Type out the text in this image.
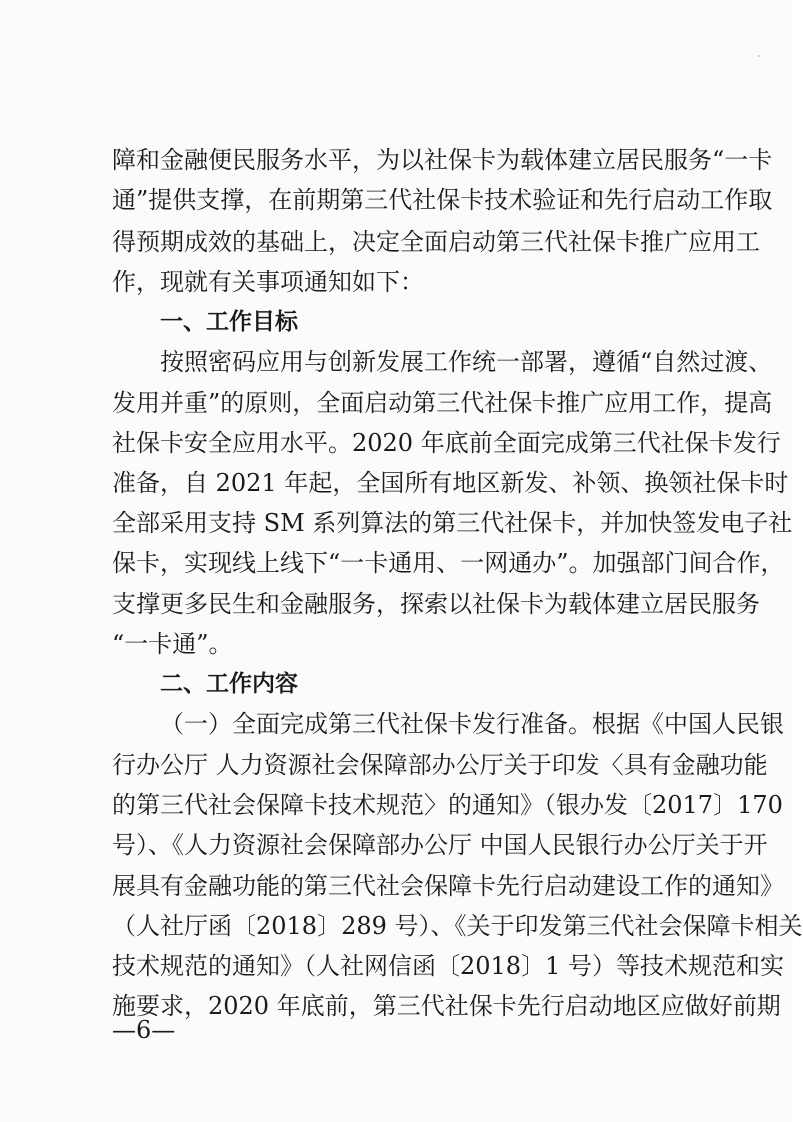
障和金融便民服务水平，为以社保卡为载体建立居民服务“一卡
通”提供支撑，在前期第三代社保卡技术验证和先行启动工作取
得预期成效的基础上，决定全面启动第三代社保卡推广应用工
作，现就有关事项通知如下：
一、工作目标
按照密码应用与创新发展工作统一部署，遵循“自然过渡、
发用并重”的原则，全面启动第三代社保卡推广应用工作，提高
社保卡安全应用水平。2020 年底前全面完成第三代社保卡发行
准备，自 2021 年起，全国所有地区新发、补领、换领社保卡时
全部采用支持 SM 系列算法的第三代社保卡，并加快签发电子社
保卡，实现线上线下“一卡通用、一网通办”。加强部门间合作，
支撑更多民生和金融服务，探索以社保卡为载体建立居民服务
“一卡通”。
二、工作内容
（一）全面完成第三代社保卡发行准备。根据《中国人民银
行办公厅 人力资源社会保障部办公厅关于印发〈具有金融功能
的第三代社会保障卡技术规范〉的通知》（银办发〔2017〕170
号）、《人力资源社会保障部办公厅 中国人民银行办公厅关于开
展具有金融功能的第三代社会保障卡先行启动建设工作的通知》
（人社厅函〔2018〕289 号）、《关于印发第三代社会保障卡相关
技术规范的通知》（人社网信函〔2018〕1 号）等技术规范和实
施要求，2020 年底前，第三代社保卡先行启动地区应做好前期
—6—
